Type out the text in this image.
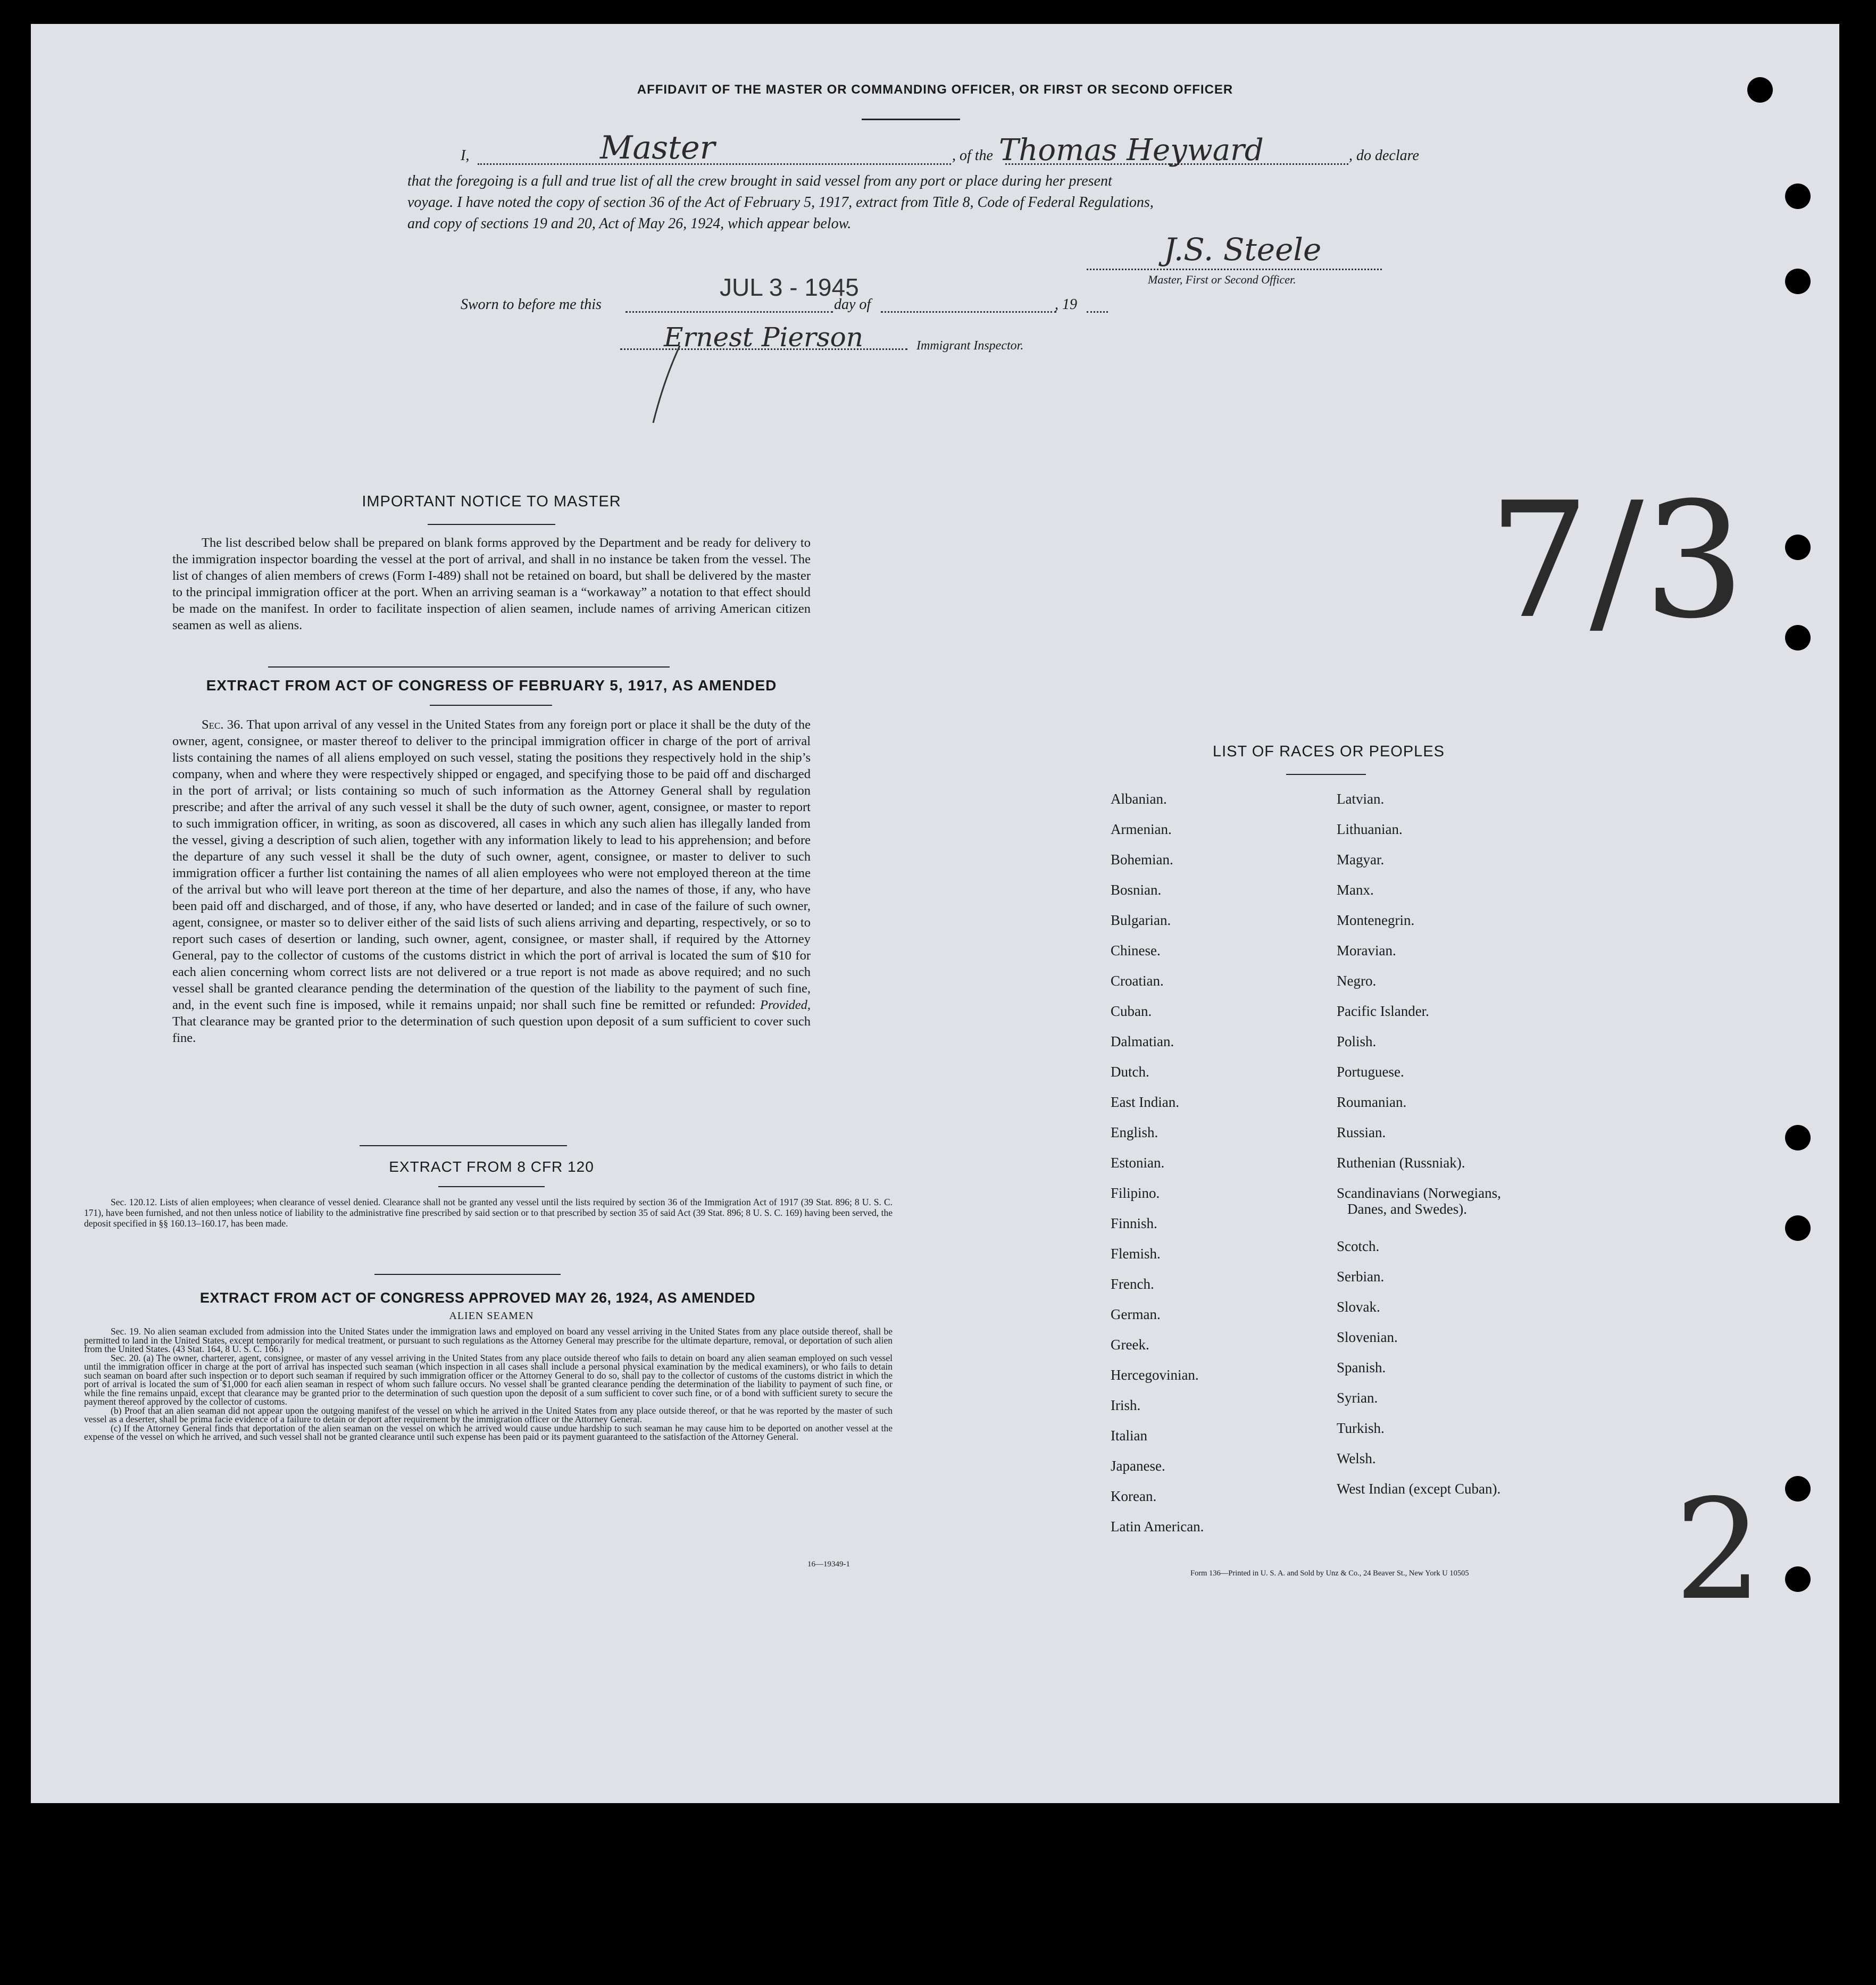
AFFIDAVIT OF THE MASTER OR COMMANDING OFFICER, OR FIRST OR SECOND OFFICER
I,	Master	, of the Thomas Heyward	, do declare
that the foregoing is a full and true list of all the crew brought in said vessel from any port or place during her present
voyage. I have noted the copy of section 36 of the Act of February 5, 1917, extract from Title 8, Code of Federal Regulations,
and copy of sections 19 and 20, Act of May 26, 1924, which appear below.
J.S. Steele
Master, First or Second Officer.
Sworn to before me this
JUL 3 - 1945
day of	, 19
Ernest Pierson	Immigrant Inspector.
IMPORTANT NOTICE TO MASTER
The list described below shall be prepared on blank forms approved by the Department and be ready for delivery to the immigration inspector boarding the vessel at the port of arrival, and shall in no instance be taken from the vessel. The list of changes of alien members of crews (Form I-489) shall not be retained on board, but shall be delivered by the master to the principal immigration officer at the port. When an arriving seaman is a “workaway” a notation to that effect should be made on the manifest. In order to facilitate inspection of alien seamen, include names of arriving American citizen seamen as well as aliens.
EXTRACT FROM ACT OF CONGRESS OF FEBRUARY 5, 1917, AS AMENDED
Sec. 36. That upon arrival of any vessel in the United States from any foreign port or place it shall be the duty of the owner, agent, consignee, or master thereof to deliver to the principal immigration officer in charge of the port of arrival lists containing the names of all aliens employed on such vessel, stating the positions they respectively hold in the ship’s company, when and where they were respectively shipped or engaged, and specifying those to be paid off and discharged in the port of arrival; or lists containing so much of such information as the Attorney General shall by regulation prescribe; and after the arrival of any such vessel it shall be the duty of such owner, agent, consignee, or master to report to such immigration officer, in writing, as soon as discovered, all cases in which any such alien has illegally landed from the vessel, giving a description of such alien, together with any information likely to lead to his apprehension; and before the departure of any such vessel it shall be the duty of such owner, agent, consignee, or master to deliver to such immigration officer a further list containing the names of all alien employees who were not employed thereon at the time of the arrival but who will leave port thereon at the time of her departure, and also the names of those, if any, who have been paid off and discharged, and of those, if any, who have deserted or landed; and in case of the failure of such owner, agent, consignee, or master so to deliver either of the said lists of such aliens arriving and departing, respectively, or so to report such cases of desertion or landing, such owner, agent, consignee, or master shall, if required by the Attorney General, pay to the collector of customs of the customs district in which the port of arrival is located the sum of $10 for each alien concerning whom correct lists are not delivered or a true report is not made as above required; and no such vessel shall be granted clearance pending the determination of the question of the liability to the payment of such fine, and, in the event such fine is imposed, while it remains unpaid; nor shall such fine be remitted or refunded: Provided, That clearance may be granted prior to the determination of such question upon deposit of a sum sufficient to cover such fine.
EXTRACT FROM 8 CFR 120
Sec. 120.12. Lists of alien employees; when clearance of vessel denied. Clearance shall not be granted any vessel until the lists required by section 36 of the Immigration Act of 1917 (39 Stat. 896; 8 U. S. C. 171), have been furnished, and not then unless notice of liability to the administrative fine prescribed by said section or to that prescribed by section 35 of said Act (39 Stat. 896; 8 U. S. C. 169) having been served, the deposit specified in §§ 160.13–160.17, has been made.
EXTRACT FROM ACT OF CONGRESS APPROVED MAY 26, 1924, AS AMENDED
ALIEN SEAMEN
Sec. 19. No alien seaman excluded from admission into the United States under the immigration laws and employed on board any vessel arriving in the United States from any place outside thereof, shall be permitted to land in the United States, except temporarily for medical treatment, or pursuant to such regulations as the Attorney General may prescribe for the ultimate departure, removal, or deportation of such alien from the United States. (43 Stat. 164, 8 U. S. C. 166.)
Sec. 20. (a) The owner, charterer, agent, consignee, or master of any vessel arriving in the United States from any place outside thereof who fails to detain on board any alien seaman employed on such vessel until the immigration officer in charge at the port of arrival has inspected such seaman (which inspection in all cases shall include a personal physical examination by the medical examiners), or who fails to detain such seaman on board after such inspection or to deport such seaman if required by such immigration officer or the Attorney General to do so, shall pay to the collector of customs of the customs district in which the port of arrival is located the sum of $1,000 for each alien seaman in respect of whom such failure occurs. No vessel shall be granted clearance pending the determination of the liability to payment of such fine, or while the fine remains unpaid, except that clearance may be granted prior to the determination of such question upon the deposit of a sum sufficient to cover such fine, or of a bond with sufficient surety to secure the payment thereof approved by the collector of customs.
(b) Proof that an alien seaman did not appear upon the outgoing manifest of the vessel on which he arrived in the United States from any place outside thereof, or that he was reported by the master of such vessel as a deserter, shall be prima facie evidence of a failure to detain or deport after requirement by the immigration officer or the Attorney General.
(c) If the Attorney General finds that deportation of the alien seaman on the vessel on which he arrived would cause undue hardship to such seaman he may cause him to be deported on another vessel at the expense of the vessel on which he arrived, and such vessel shall not be granted clearance until such expense has been paid or its payment guaranteed to the satisfaction of the Attorney General.
16—19349-1
LIST OF RACES OR PEOPLES
Albanian.
Armenian.
Bohemian.
Bosnian.
Bulgarian.
Chinese.
Croatian.
Cuban.
Dalmatian.
Dutch.
East Indian.
English.
Estonian.
Filipino.
Finnish.
Flemish.
French.
German.
Greek.
Hercegovinian.
Irish.
Italian
Japanese.
Korean.
Latin American.
Latvian.
Lithuanian.
Magyar.
Manx.
Montenegrin.
Moravian.
Negro.
Pacific Islander.
Polish.
Portuguese.
Roumanian.
Russian.
Ruthenian (Russniak).
Scandinavians (Norwegians,
Danes, and Swedes).
Scotch.
Serbian.
Slovak.
Slovenian.
Spanish.
Syrian.
Turkish.
Welsh.
West Indian (except Cuban).
Form 136—Printed in U. S. A. and Sold by Unz & Co., 24 Beaver St., New York U 10505
7/3
2
